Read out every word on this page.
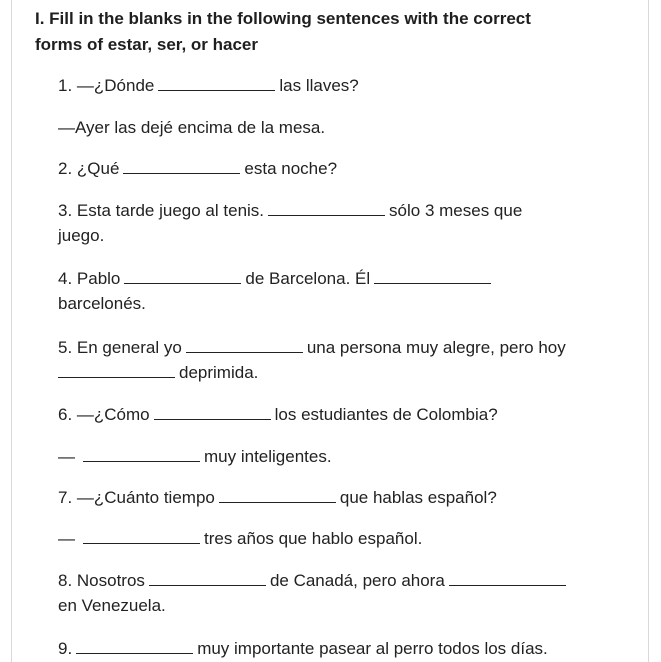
I. Fill in the blanks in the following sentences with the correct
forms of estar, ser, or hacer

1. —¿Dónde	las llaves?

—Ayer las dejé encima de la mesa.

2. ¿Qué	esta noche?

3. Esta tarde juego al tenis.	sólo 3 meses que
juego.

4. Pablo	de Barcelona. Él
barcelonés.

5. En general yo	una persona muy alegre, pero hoy
deprimida.

6. —¿Cómo	los estudiantes de Colombia?

—	muy inteligentes.

7. —¿Cuánto tiempo	que hablas español?

—	tres años que hablo español.

8. Nosotros	de Canadá, pero ahora
en Venezuela.

9.	muy importante pasear al perro todos los días.
